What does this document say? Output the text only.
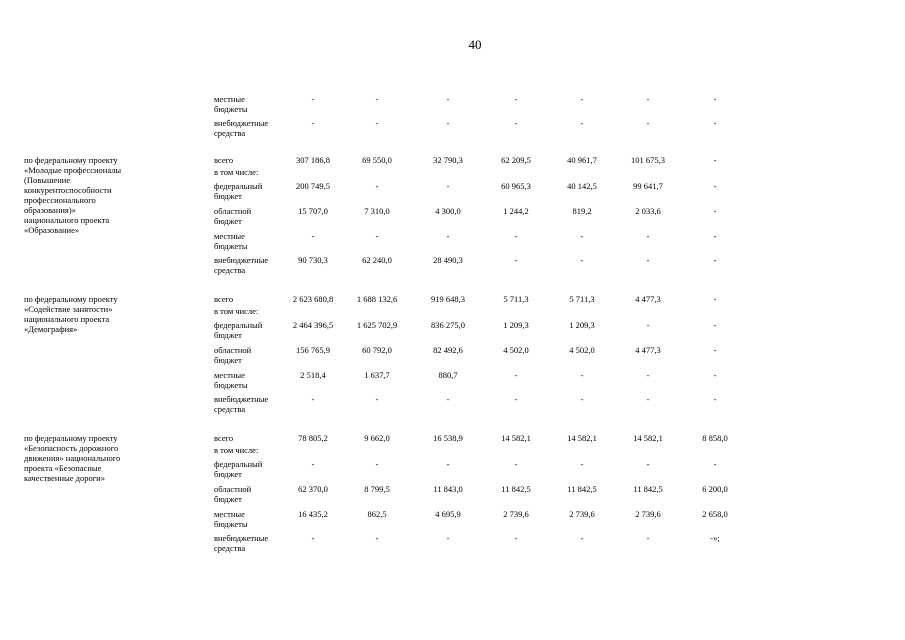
40
местные
бюджеты
-	-	-	-	-	-	-
внебюджетные
средства
-	-	-	-	-	-	-
по федеральному проекту
«Молодые профессионалы
(Повышение
конкурентоспособности
профессионального
образования)»
национального проекта
«Образование»
всего	307 186,8	69 550,0	32 790,3	62 209,5	40 961,7	101 675,3	-
в том числе:
федеральный
бюджет
200 749,5	-	-	60 965,3	40 142,5	99 641,7	-
областной
бюджет
15 707,0	7 310,0	4 300,0	1 244,2	819,2	2 033,6	-
местные
бюджеты
-	-	-	-	-	-	-
внебюджетные
средства
90 730,3	62 240,0	28 490,3	-	-	-	-
по федеральному проекту
«Содействие занятости»
национального проекта
«Демография»
всего	2 623 680,8	1 688 132,6	919 648,3	5 711,3	5 711,3	4 477,3	-
в том числе:
федеральный
бюджет
2 464 396,5	1 625 702,9	836 275,0	1 209,3	1 209,3	-	-
областной
бюджет
156 765,9	60 792,0	82 492,6	4 502,0	4 502,0	4 477,3	-
местные
бюджеты
2 518,4	1 637,7	880,7	-	-	-	-
внебюджетные
средства
-	-	-	-	-	-	-
по федеральному проекту
«Безопасность дорожного
движения» национального
проекта «Безопасные
качественные дороги»
всего	78 805,2	9 662,0	16 538,9	14 582,1	14 582,1	14 582,1	8 858,0
в том числе:
федеральный
бюджет
-	-	-	-	-	-	-
областной
бюджет
62 370,0	8 799,5	11 843,0	11 842,5	11 842,5	11 842,5	6 200,0
местные
бюджеты
16 435,2	862,5	4 695,9	2 739,6	2 739,6	2 739,6	2 658,0
внебюджетные
средства
-	-	-	-	-	-	-»;
